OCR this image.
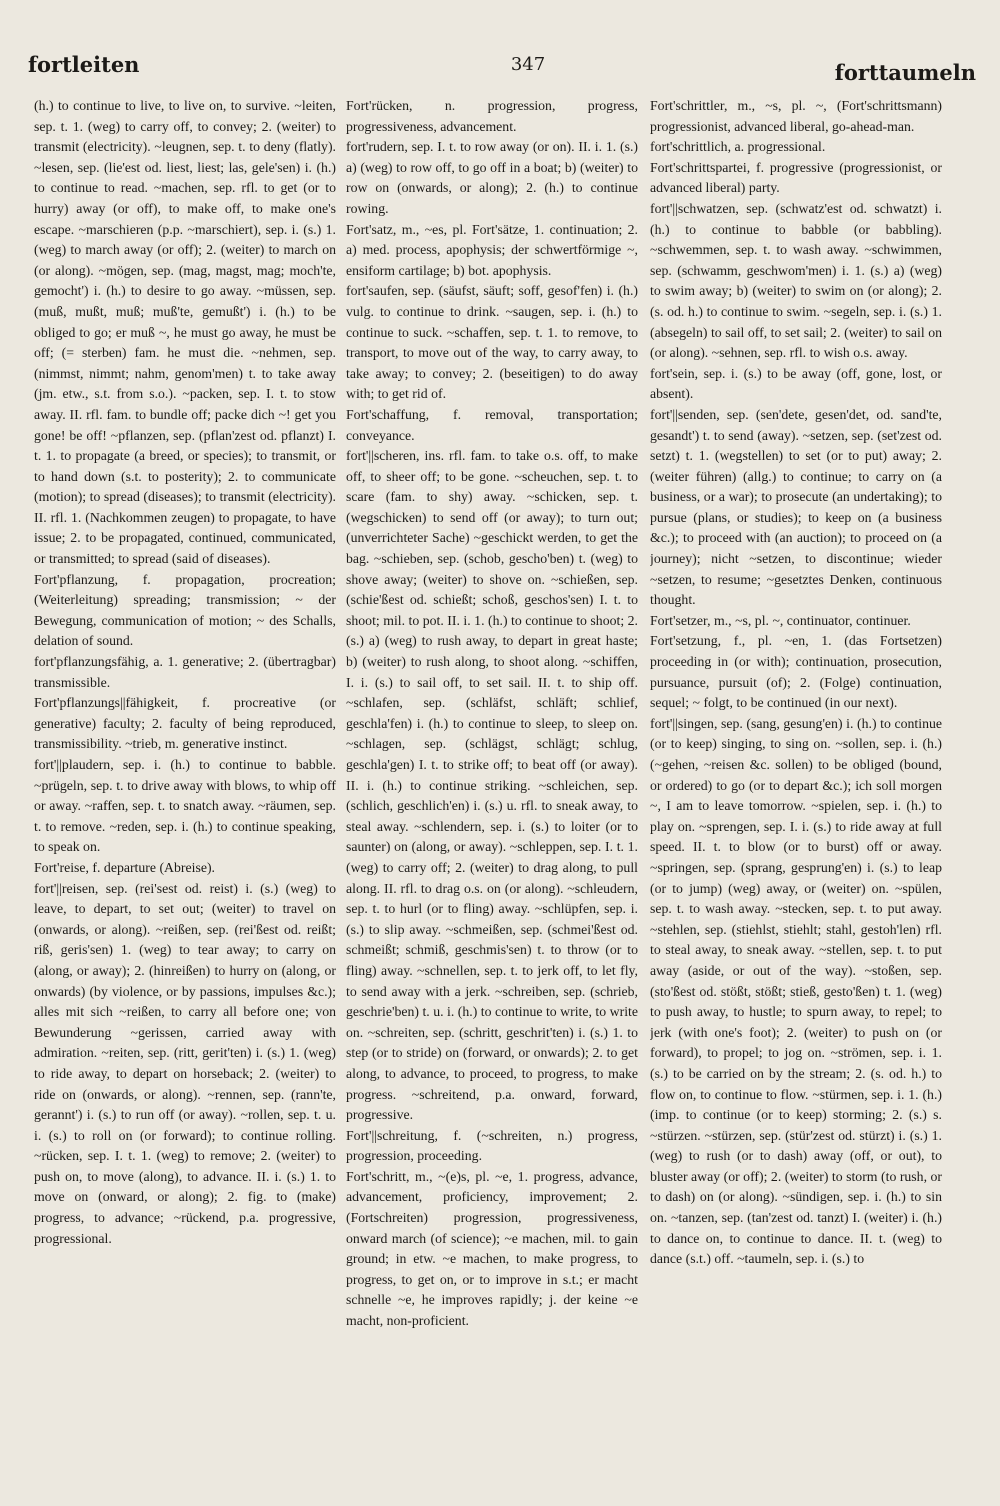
fortleiten	347	forttaumeln

(h.) to continue to live, to live on, to survive. ~leiten, sep. t. 1. (weg) to carry off, to convey; 2. (weiter) to transmit (electricity). ~leugnen, sep. t. to deny (flatly). ~lesen, sep. (lie'est od. liest, liest; las, gele'sen) i. (h.) to continue to read. ~machen, sep. rfl. to get (or to hurry) away (or off), to make off, to make one's escape. ~marschieren (p.p. ~marschiert), sep. i. (s.) 1. (weg) to march away (or off); 2. (weiter) to march on (or along). ~mögen, sep. (mag, magst, mag; moch'te, gemocht') i. (h.) to desire to go away. ~müssen, sep. (muß, mußt, muß; muß'te, gemußt') i. (h.) to be obliged to go; er muß ~, he must go away, he must be off; (= sterben) fam. he must die. ~nehmen, sep. (nimmst, nimmt; nahm, genom'men) t. to take away (jm. etw., s.t. from s.o.). ~packen, sep. I. t. to stow away. II. rfl. fam. to bundle off; packe dich ~! get you gone! be off! ~pflanzen, sep. (pflan'zest od. pflanzt) I. t. 1. to propagate (a breed, or species); to transmit, or to hand down (s.t. to posterity); 2. to communicate (motion); to spread (diseases); to transmit (electricity). II. rfl. 1. (Nachkommen zeugen) to propagate, to have issue; 2. to be propagated, continued, communicated, or transmitted; to spread (said of diseases).

Fort'pflanzung, f. propagation, procreation; (Weiterleitung) spreading; transmission; ~ der Bewegung, communication of motion; ~ des Schalls, delation of sound.

fort'pflanzungsfähig, a. 1. generative; 2. (übertragbar) transmissible.

Fort'pflanzungs||fähigkeit, f. procreative (or generative) faculty; 2. faculty of being reproduced, transmissibility. ~trieb, m. generative instinct.

fort'||plaudern, sep. i. (h.) to continue to babble. ~prügeln, sep. t. to drive away with blows, to whip off or away. ~raffen, sep. t. to snatch away. ~räumen, sep. t. to remove. ~reden, sep. i. (h.) to continue speaking, to speak on.

Fort'reise, f. departure (Abreise).

fort'||reisen, sep. (rei'sest od. reist) i. (s.) (weg) to leave, to depart, to set out; (weiter) to travel on (onwards, or along). ~reißen, sep. (rei'ßest od. reißt; riß, geris'sen) 1. (weg) to tear away; to carry on (along, or away); 2. (hinreißen) to hurry on (along, or onwards) (by violence, or by passions, impulses &c.); alles mit sich ~reißen, to carry all before one; von Bewunderung ~gerissen, carried away with admiration. ~reiten, sep. (ritt, gerit'ten) i. (s.) 1. (weg) to ride away, to depart on horseback; 2. (weiter) to ride on (onwards, or along). ~rennen, sep. (rann'te, gerannt') i. (s.) to run off (or away). ~rollen, sep. t. u. i. (s.) to roll on (or forward); to continue rolling. ~rücken, sep. I. t. 1. (weg) to remove; 2. (weiter) to push on, to move (along), to advance. II. i. (s.) 1. to move on (onward, or along); 2. fig. to (make) progress, to advance; ~rückend, p.a. progressive, progressional.

Fort'rücken, n. progression, progress, progressiveness, advancement.

fort'rudern, sep. I. t. to row away (or on). II. i. 1. (s.) a) (weg) to row off, to go off in a boat; b) (weiter) to row on (onwards, or along); 2. (h.) to continue rowing.

Fort'satz, m., ~es, pl. Fort'sätze, 1. continuation; 2. a) med. process, apophysis; der schwertförmige ~, ensiform cartilage; b) bot. apophysis.

fort'saufen, sep. (säufst, säuft; soff, gesof'fen) i. (h.) vulg. to continue to drink. ~saugen, sep. i. (h.) to continue to suck. ~schaffen, sep. t. 1. to remove, to transport, to move out of the way, to carry away, to take away; to convey; 2. (beseitigen) to do away with; to get rid of.

Fort'schaffung, f. removal, transportation; conveyance.

fort'||scheren, ins. rfl. fam. to take o.s. off, to make off, to sheer off; to be gone. ~scheuchen, sep. t. to scare (fam. to shy) away. ~schicken, sep. t. (wegschicken) to send off (or away); to turn out; (unverrichteter Sache) ~geschickt werden, to get the bag. ~schieben, sep. (schob, gescho'ben) t. (weg) to shove away; (weiter) to shove on. ~schießen, sep. (schie'ßest od. schießt; schoß, geschos'sen) I. t. to shoot; mil. to pot. II. i. 1. (h.) to continue to shoot; 2. (s.) a) (weg) to rush away, to depart in great haste; b) (weiter) to rush along, to shoot along. ~schiffen, I. i. (s.) to sail off, to set sail. II. t. to ship off. ~schlafen, sep. (schläfst, schläft; schlief, geschla'fen) i. (h.) to continue to sleep, to sleep on. ~schlagen, sep. (schlägst, schlägt; schlug, geschla'gen) I. t. to strike off; to beat off (or away). II. i. (h.) to continue striking. ~schleichen, sep. (schlich, geschlich'en) i. (s.) u. rfl. to sneak away, to steal away. ~schlendern, sep. i. (s.) to loiter (or to saunter) on (along, or away). ~schleppen, sep. I. t. 1. (weg) to carry off; 2. (weiter) to drag along, to pull along. II. rfl. to drag o.s. on (or along). ~schleudern, sep. t. to hurl (or to fling) away. ~schlüpfen, sep. i. (s.) to slip away. ~schmeißen, sep. (schmei'ßest od. schmeißt; schmiß, geschmis'sen) t. to throw (or to fling) away. ~schnellen, sep. t. to jerk off, to let fly, to send away with a jerk. ~schreiben, sep. (schrieb, geschrie'ben) t. u. i. (h.) to continue to write, to write on. ~schreiten, sep. (schritt, geschrit'ten) i. (s.) 1. to step (or to stride) on (forward, or onwards); 2. to get along, to advance, to proceed, to progress, to make progress. ~schreitend, p.a. onward, forward, progressive.

Fort'||schreitung, f. (~schreiten, n.) progress, progression, proceeding.

Fort'schritt, m., ~(e)s, pl. ~e, 1. progress, advance, advancement, proficiency, improvement; 2. (Fortschreiten) progression, progressiveness, onward march (of science); ~e machen, mil. to gain ground; in etw. ~e machen, to make progress, to progress, to get on, or to improve in s.t.; er macht schnelle ~e, he improves rapidly; j. der keine ~e macht, non-proficient.

Fort'schrittler, m., ~s, pl. ~, (Fort'schrittsmann) progressionist, advanced liberal, go-ahead-man.

fort'schrittlich, a. progressional.

Fort'schrittspartei, f. progressive (progressionist, or advanced liberal) party.

fort'||schwatzen, sep. (schwatz'est od. schwatzt) i. (h.) to continue to babble (or babbling). ~schwemmen, sep. t. to wash away. ~schwimmen, sep. (schwamm, geschwom'men) i. 1. (s.) a) (weg) to swim away; b) (weiter) to swim on (or along); 2. (s. od. h.) to continue to swim. ~segeln, sep. i. (s.) 1. (absegeln) to sail off, to set sail; 2. (weiter) to sail on (or along). ~sehnen, sep. rfl. to wish o.s. away.

fort'sein, sep. i. (s.) to be away (off, gone, lost, or absent).

fort'||senden, sep. (sen'dete, gesen'det, od. sand'te, gesandt') t. to send (away). ~setzen, sep. (set'zest od. setzt) t. 1. (wegstellen) to set (or to put) away; 2. (weiter führen) (allg.) to continue; to carry on (a business, or a war); to prosecute (an undertaking); to pursue (plans, or studies); to keep on (a business &c.); to proceed with (an auction); to proceed on (a journey); nicht ~setzen, to discontinue; wieder ~setzen, to resume; ~gesetztes Denken, continuous thought.

Fort'setzer, m., ~s, pl. ~, continuator, continuer.

Fort'setzung, f., pl. ~en, 1. (das Fortsetzen) proceeding in (or with); continuation, prosecution, pursuance, pursuit (of); 2. (Folge) continuation, sequel; ~ folgt, to be continued (in our next).

fort'||singen, sep. (sang, gesung'en) i. (h.) to continue (or to keep) singing, to sing on. ~sollen, sep. i. (h.) (~gehen, ~reisen &c. sollen) to be obliged (bound, or ordered) to go (or to depart &c.); ich soll morgen ~, I am to leave tomorrow. ~spielen, sep. i. (h.) to play on. ~sprengen, sep. I. i. (s.) to ride away at full speed. II. t. to blow (or to burst) off or away. ~springen, sep. (sprang, gesprung'en) i. (s.) to leap (or to jump) (weg) away, or (weiter) on. ~spülen, sep. t. to wash away. ~stecken, sep. t. to put away. ~stehlen, sep. (stiehlst, stiehlt; stahl, gestoh'len) rfl. to steal away, to sneak away. ~stellen, sep. t. to put away (aside, or out of the way). ~stoßen, sep. (sto'ßest od. stößt, stößt; stieß, gesto'ßen) t. 1. (weg) to push away, to hustle; to spurn away, to repel; to jerk (with one's foot); 2. (weiter) to push on (or forward), to propel; to jog on. ~strömen, sep. i. 1. (s.) to be carried on by the stream; 2. (s. od. h.) to flow on, to continue to flow. ~stürmen, sep. i. 1. (h.) (imp. to continue (or to keep) storming; 2. (s.) s. ~stürzen. ~stürzen, sep. (stür'zest od. stürzt) i. (s.) 1. (weg) to rush (or to dash) away (off, or out), to bluster away (or off); 2. (weiter) to storm (to rush, or to dash) on (or along). ~sündigen, sep. i. (h.) to sin on. ~tanzen, sep. (tan'zest od. tanzt) I. (weiter) i. (h.) to dance on, to continue to dance. II. t. (weg) to dance (s.t.) off. ~taumeln, sep. i. (s.) to
